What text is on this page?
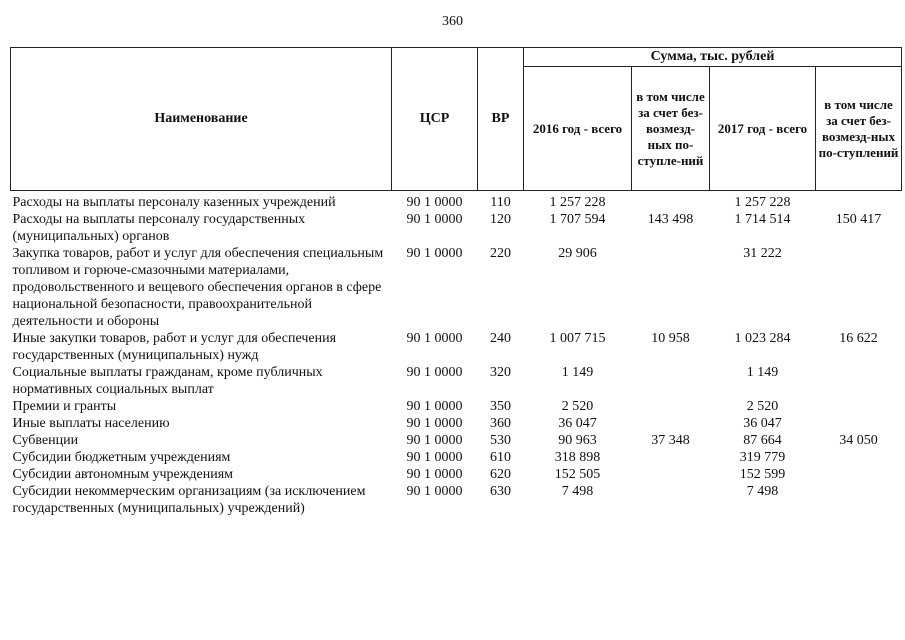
360
Наименование	ЦСР	ВР	Сумма, тыс. рублей			
			2016 год - всего	в том числе за счет без-возмезд-ных по-ступле-ний	2017 год - всего	в том числе за счет без-возмезд-ных по-ступлений
Расходы на выплаты персоналу казенных учреждений	90 1 0000	110	1 257 228		1 257 228	
Расходы на выплаты персоналу государственных (муниципальных) органов	90 1 0000	120	1 707 594	143 498	1 714 514	150 417
Закупка товаров, работ и услуг для обеспечения специальным топливом и горюче-смазочными материалами, продовольственного и вещевого обеспечения органов в сфере национальной безопасности, правоохранительной деятельности и обороны	90 1 0000	220	29 906		31 222	
Иные закупки товаров, работ и услуг для обеспечения государственных (муниципальных) нужд	90 1 0000	240	1 007 715	10 958	1 023 284	16 622
Социальные выплаты гражданам, кроме публичных нормативных социальных выплат	90 1 0000	320	1 149		1 149	
Премии и гранты	90 1 0000	350	2 520		2 520	
Иные выплаты населению	90 1 0000	360	36 047		36 047	
Субвенции	90 1 0000	530	90 963	37 348	87 664	34 050
Субсидии бюджетным учреждениям	90 1 0000	610	318 898		319 779	
Субсидии автономным учреждениям	90 1 0000	620	152 505		152 599	
Субсидии некоммерческим организациям (за исключением государственных (муниципальных) учреждений)	90 1 0000	630	7 498		7 498	
